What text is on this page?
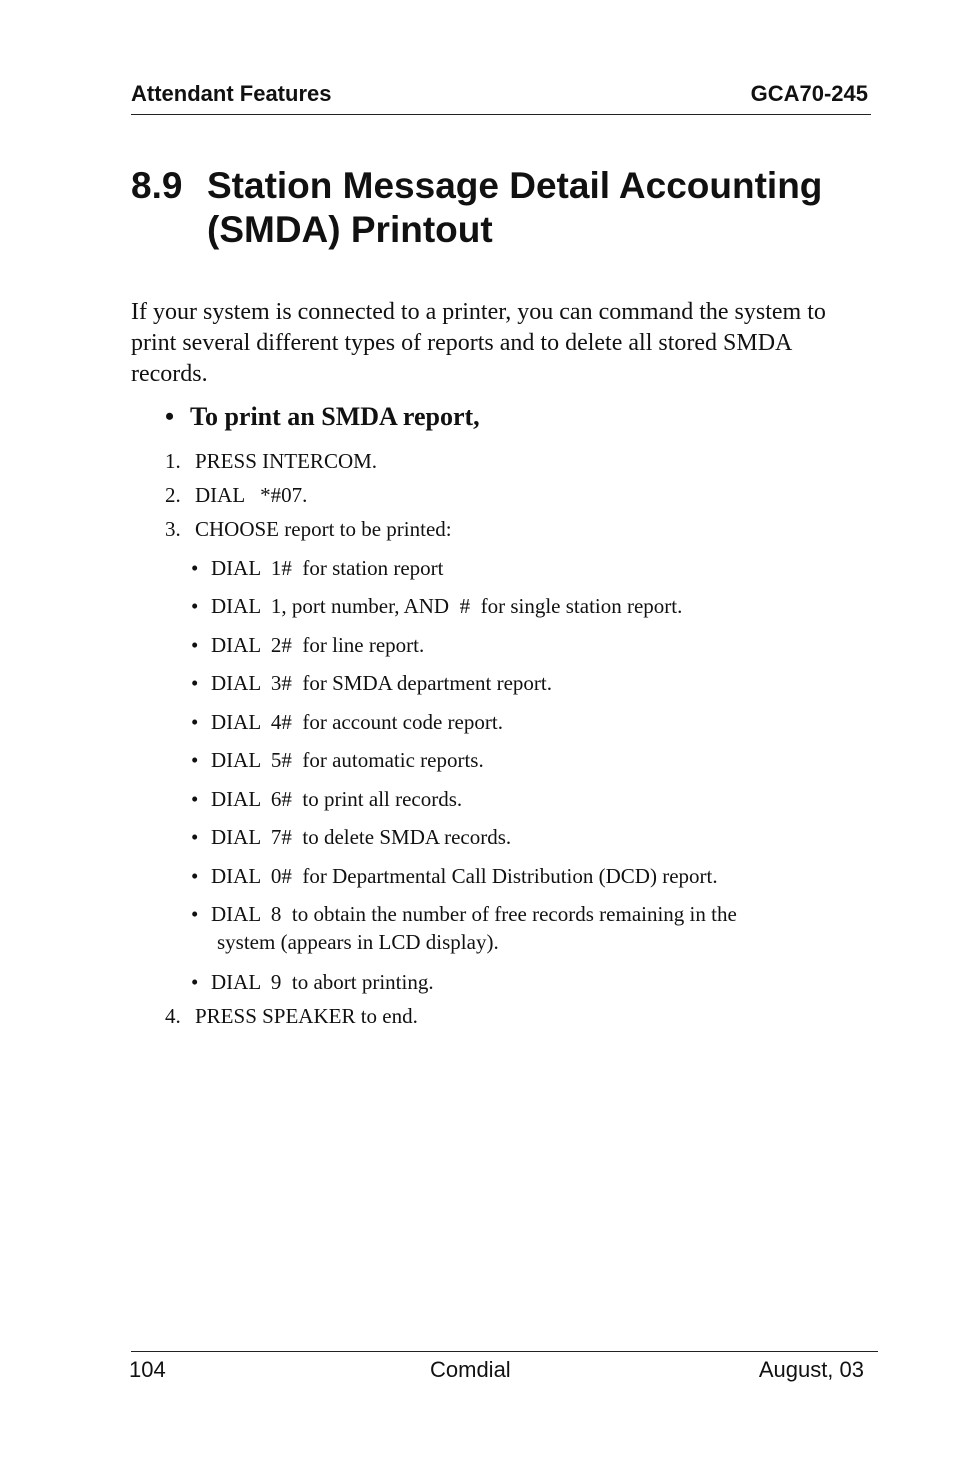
Attendant Features	GCA70-245
8.9 Station Message Detail Accounting
(SMDA) Printout

If your system is connected to a printer, you can command the system to print several different types of reports and to delete all stored SMDA records.

• To print an SMDA report,
1. PRESS INTERCOM.
2. DIAL   *#07.
3. CHOOSE report to be printed:
• DIAL  1#  for station report
• DIAL  1, port number, AND  #  for single station report.
• DIAL  2#  for line report.
• DIAL  3#  for SMDA department report.
• DIAL  4#  for account code report.
• DIAL  5#  for automatic reports.
• DIAL  6#  to print all records.
• DIAL  7#  to delete SMDA records.
• DIAL  0#  for Departmental Call Distribution (DCD) report.
• DIAL  8  to obtain the number of free records remaining in the
system (appears in LCD display).
• DIAL  9  to abort printing.
4. PRESS SPEAKER to end.
104	Comdial	August, 03
